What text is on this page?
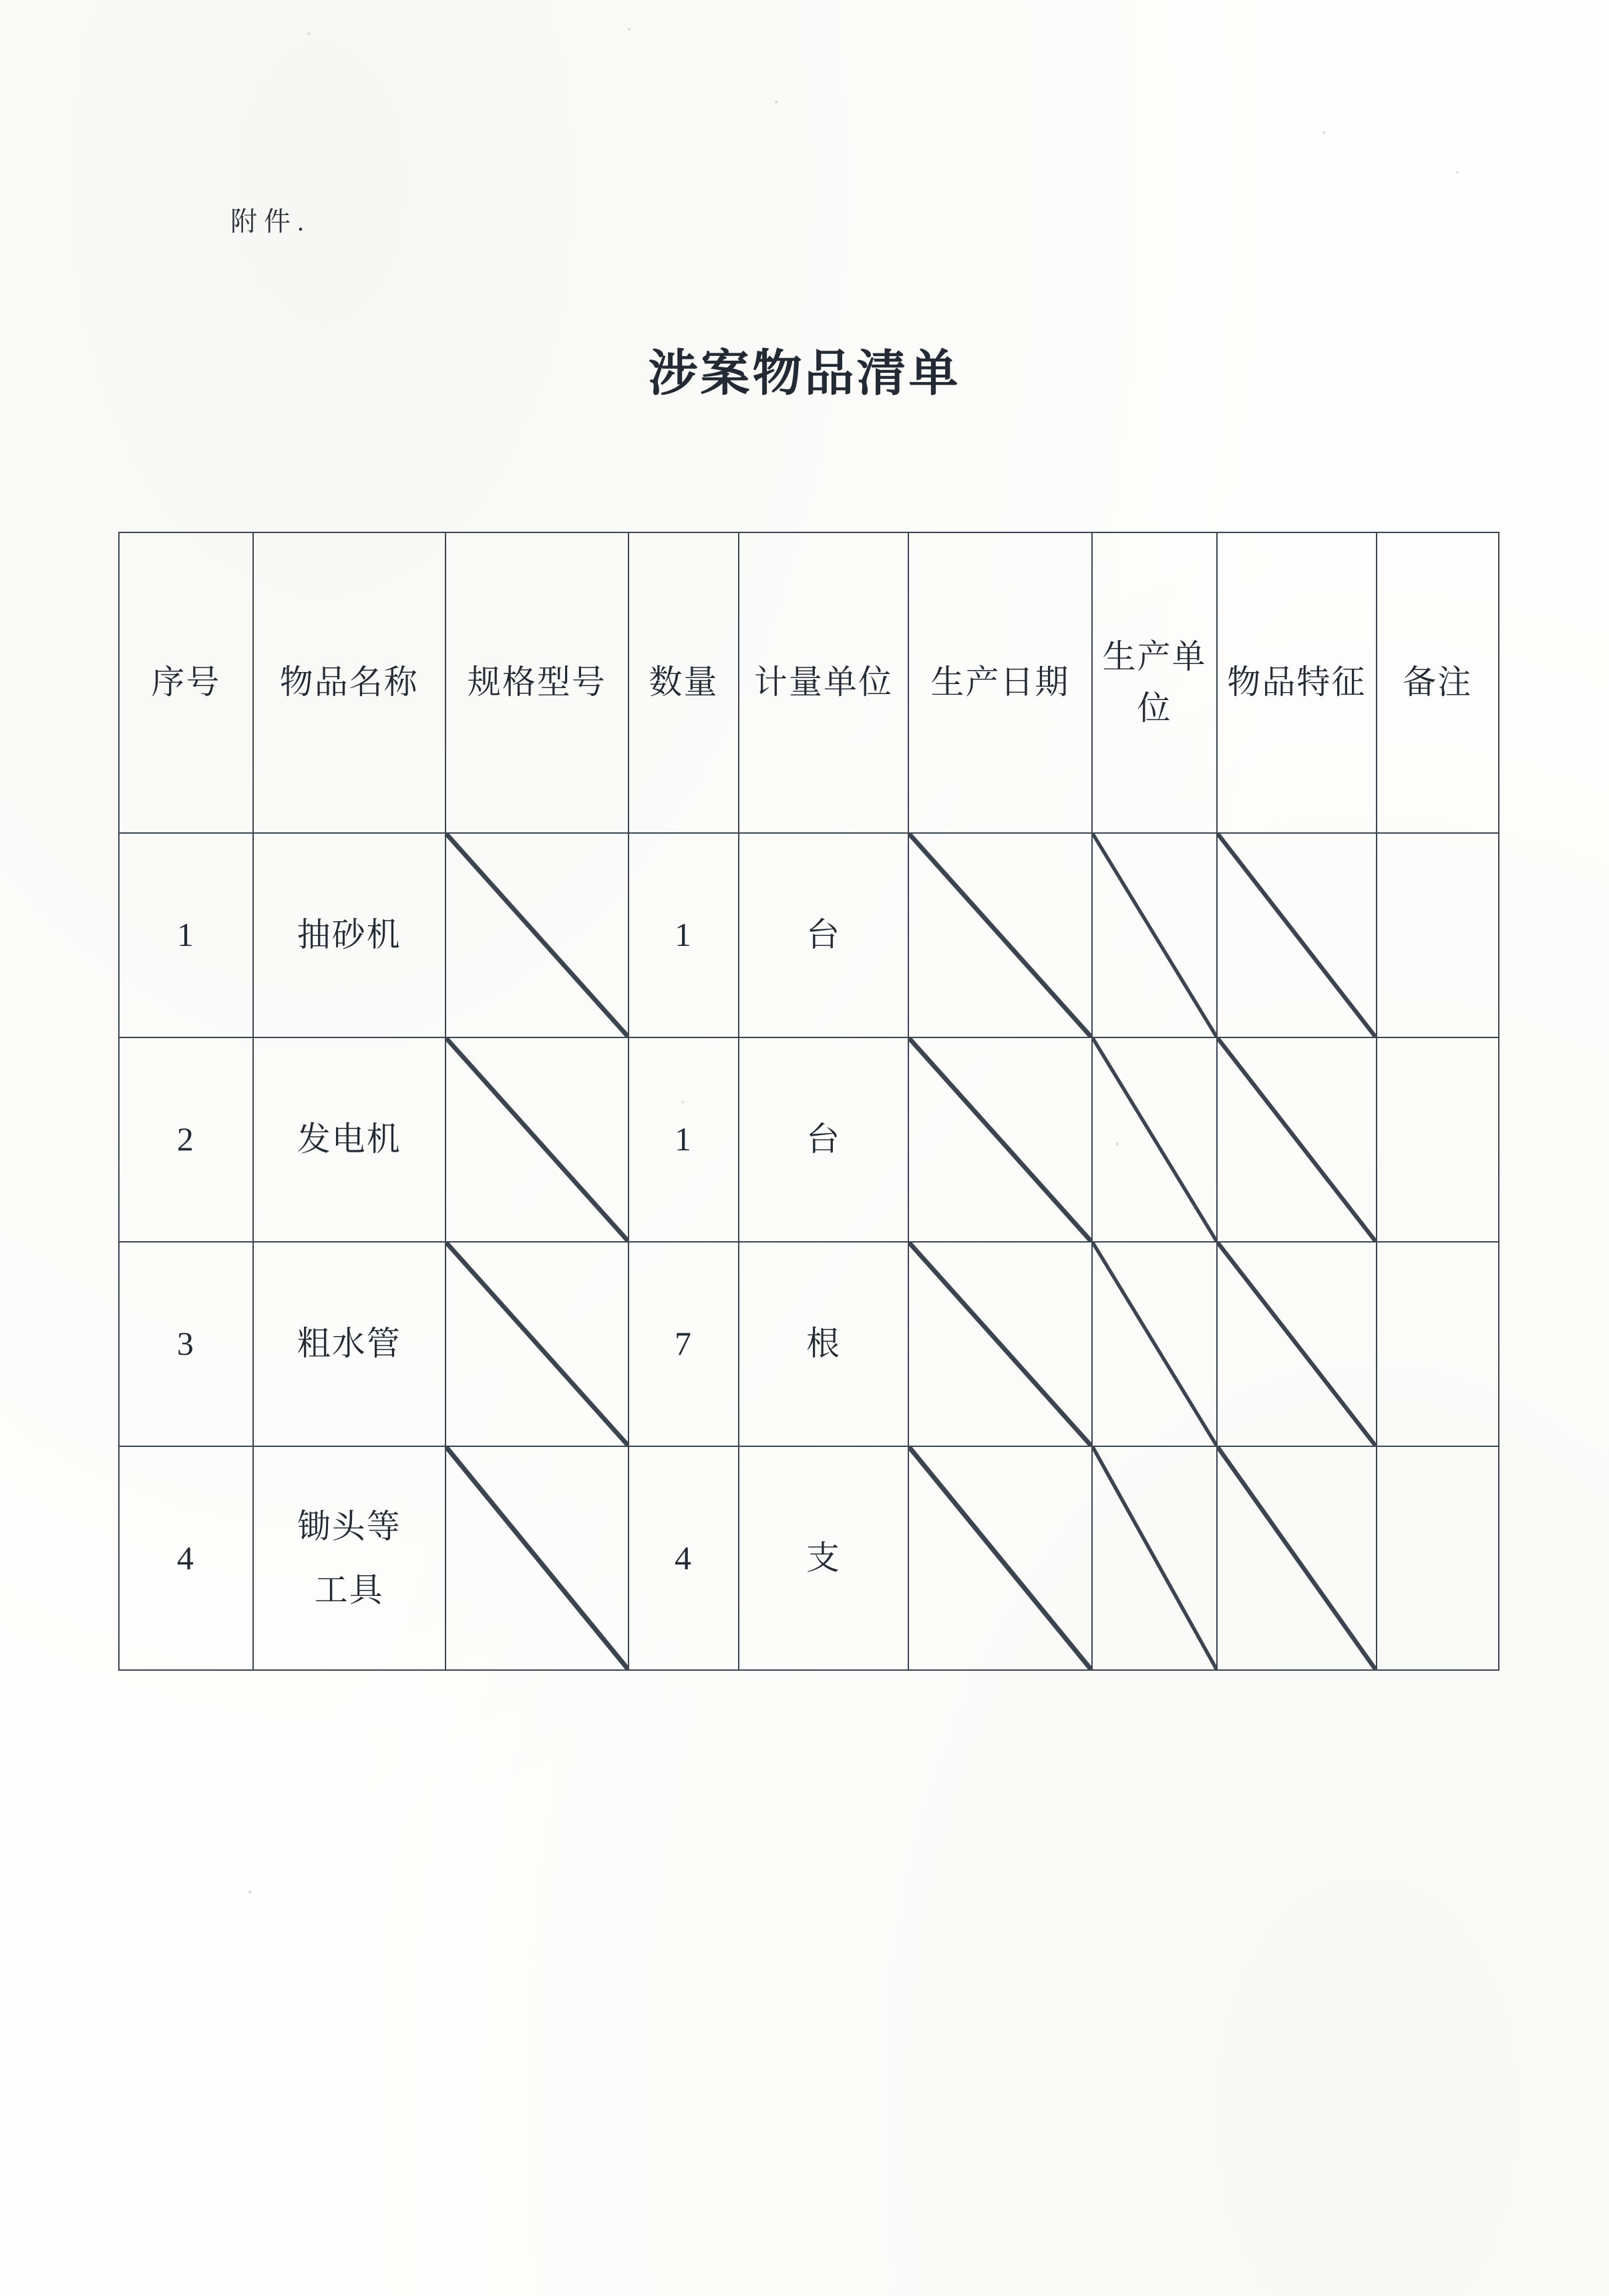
附件.
涉案物品清单
序号	物品名称	规格型号	数量	计量单位	生产日期	生产单位	物品特征	备注
1	抽砂机		1	台	

2	发电机		1	台	

3	粗水管		7	根	

4	锄头等
工具		4	支	
